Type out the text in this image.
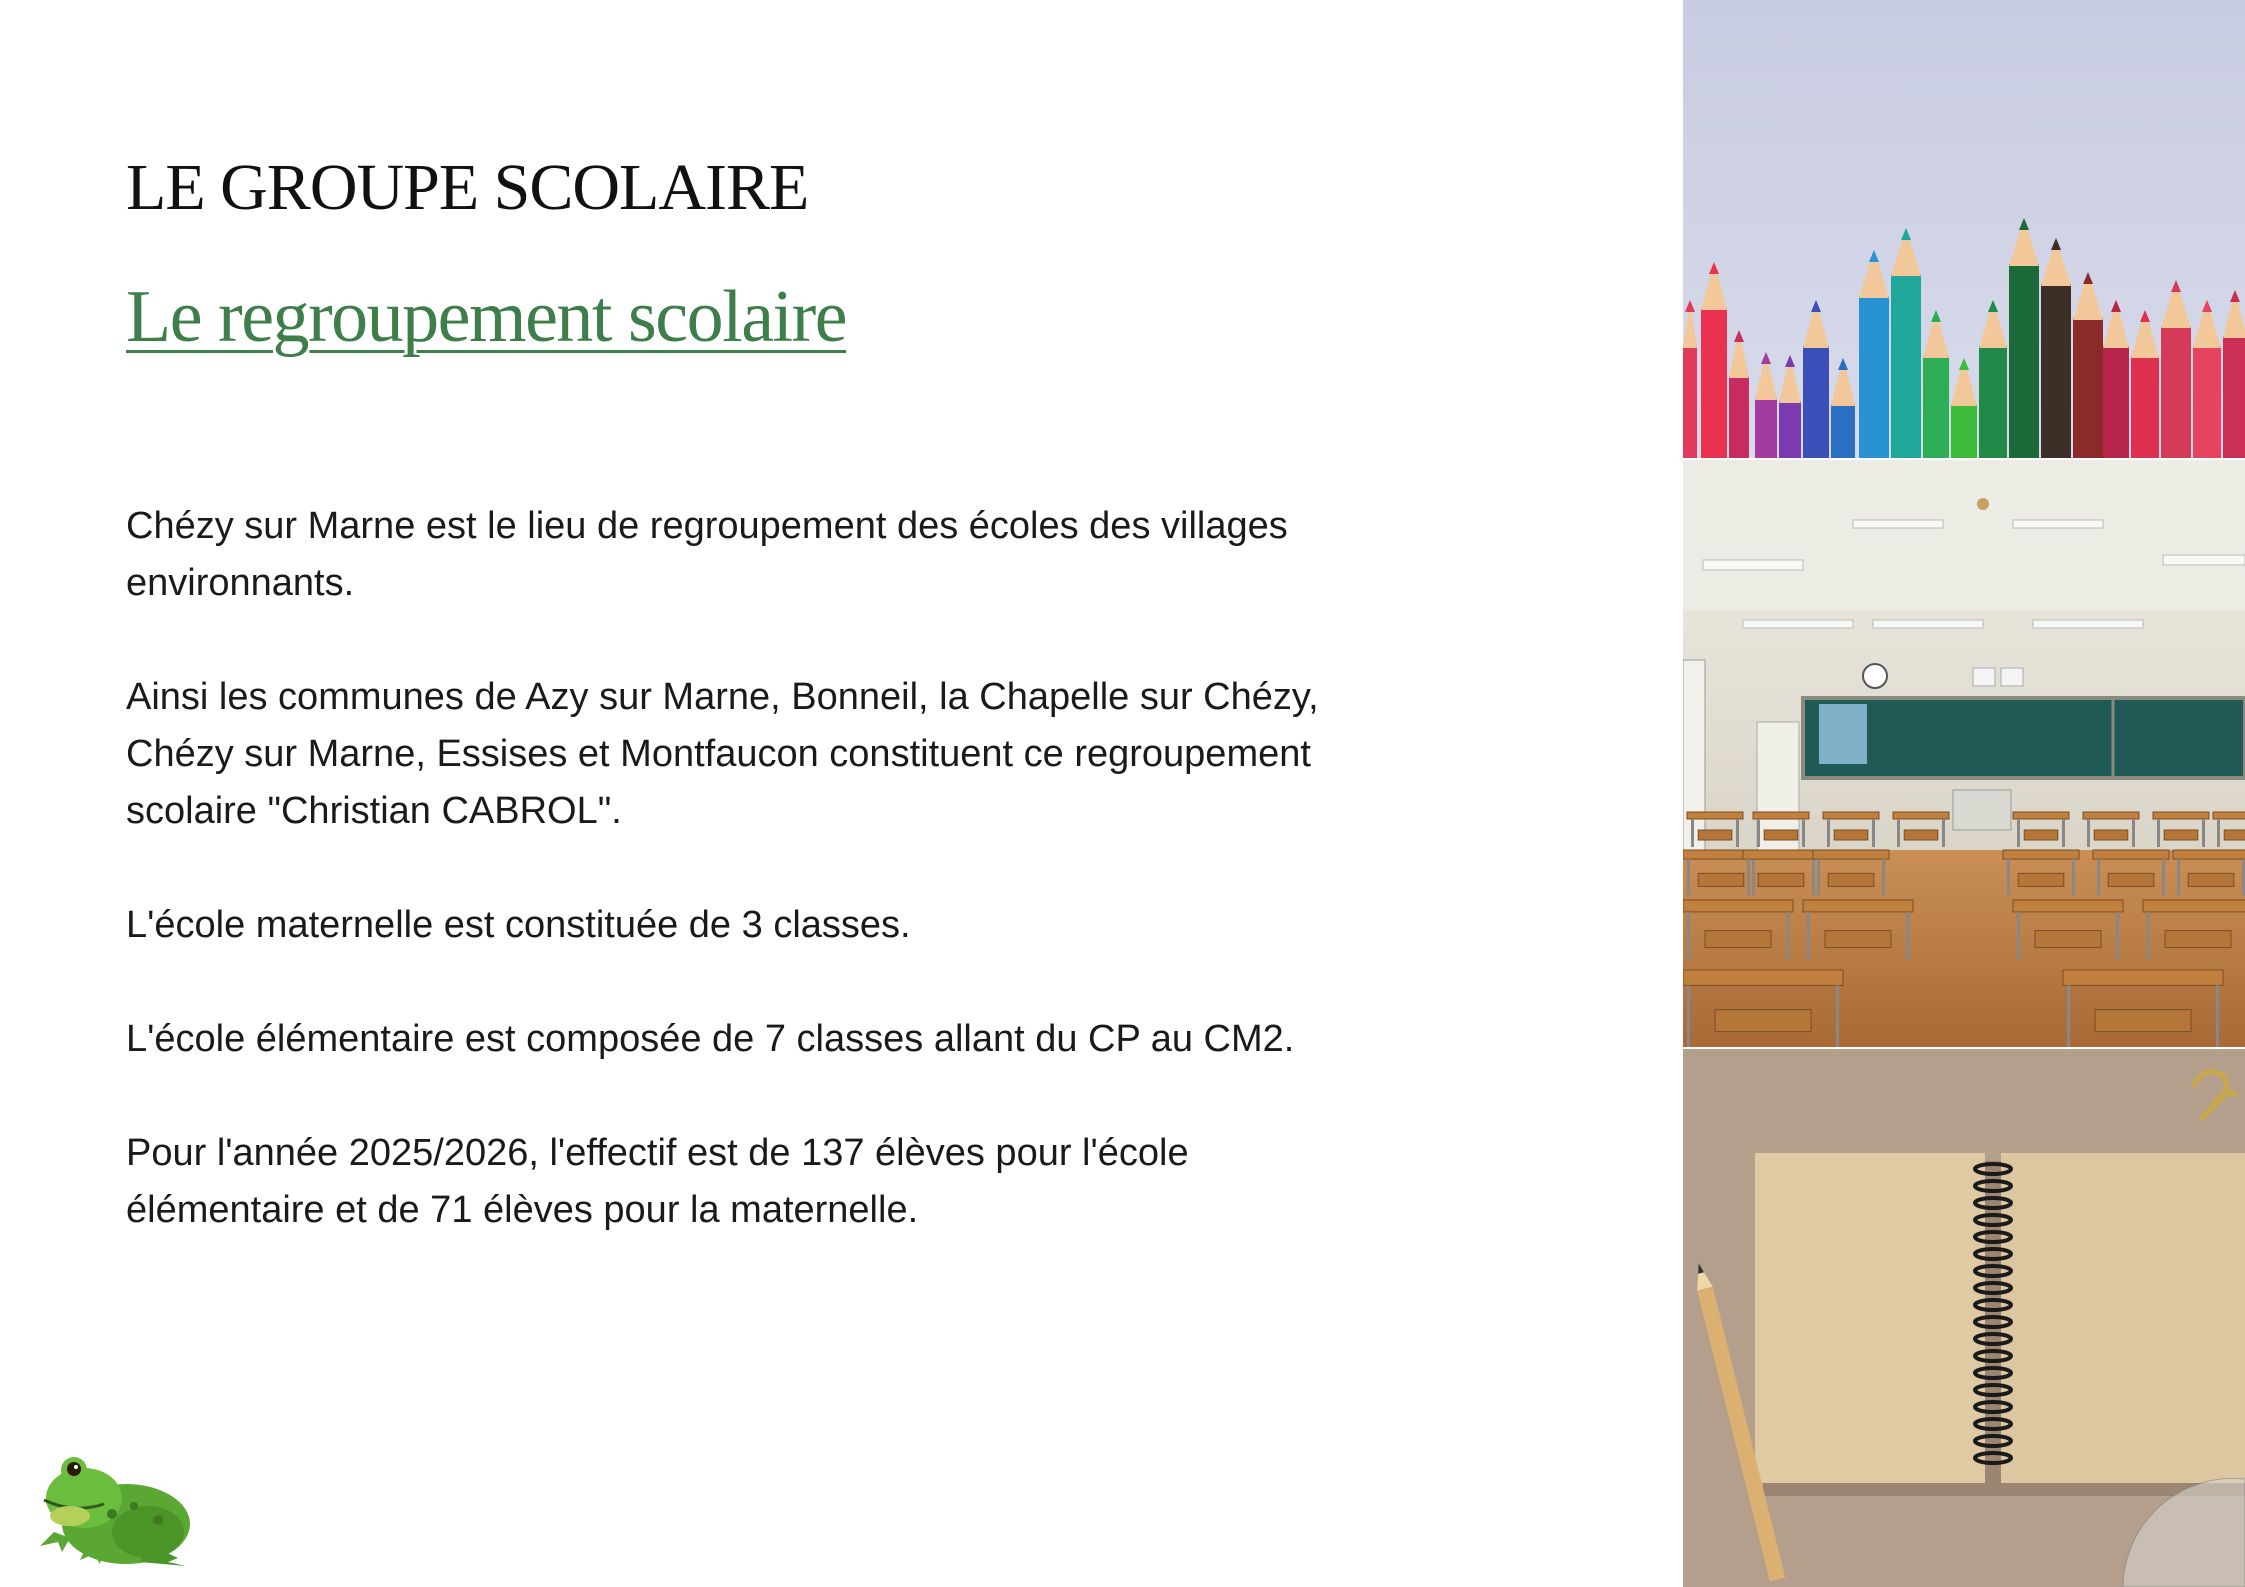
LE GROUPE SCOLAIRE
Le regroupement scolaire

Chézy sur Marne est le lieu de regroupement des écoles des villages
environnants.

Ainsi les communes de Azy sur Marne, Bonneil, la Chapelle sur Chézy,
Chézy sur Marne, Essises et Montfaucon constituent ce regroupement
scolaire "Christian CABROL".

L'école maternelle est constituée de 3 classes.

L'école élémentaire est composée de 7 classes allant du CP au CM2.

Pour l'année 2025/2026, l'effectif est de 137 élèves pour l'école
élémentaire et de 71 élèves pour la maternelle.
